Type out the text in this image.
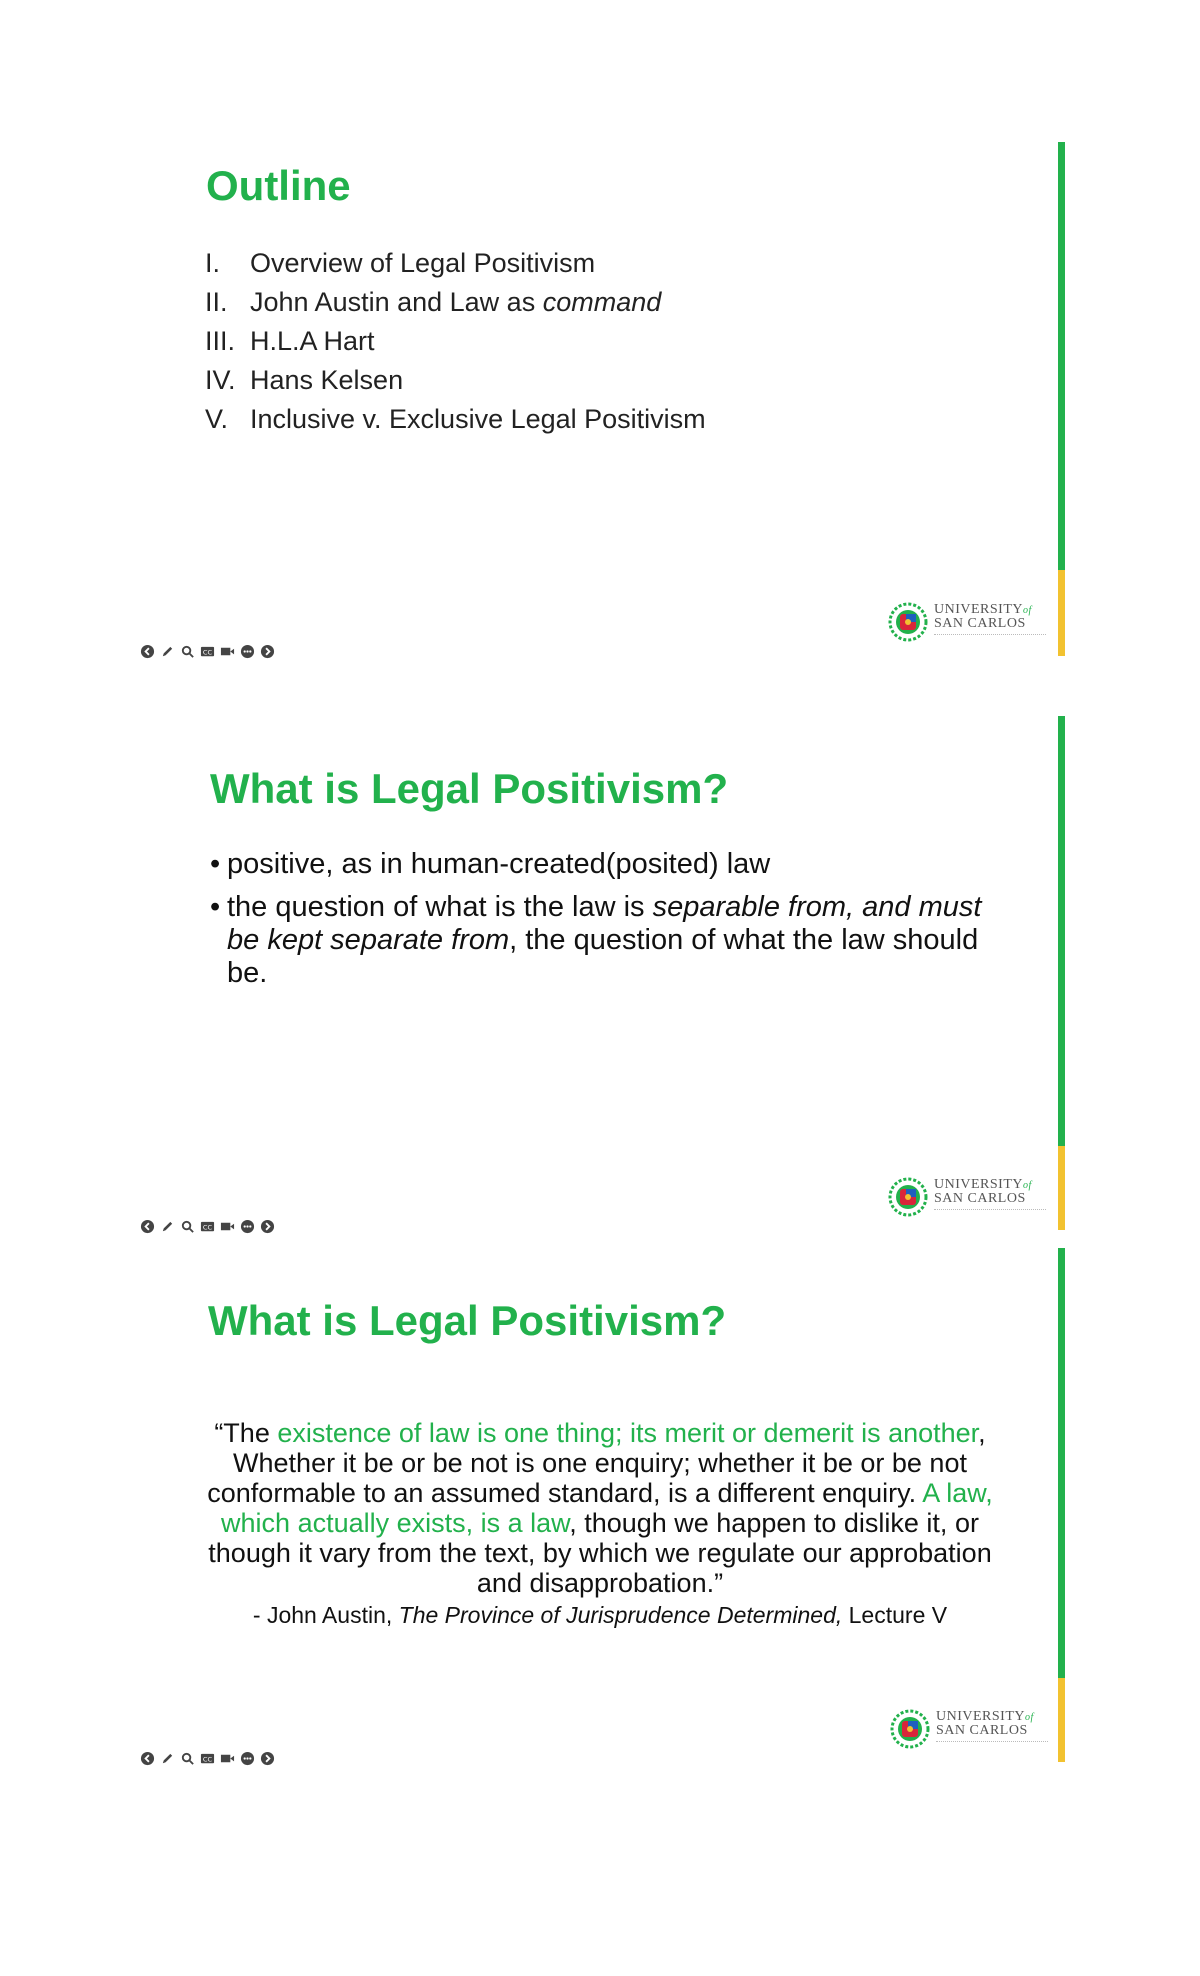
Outline
I.	Overview of Legal Positivism
II. John Austin and Law as command
III. H.L.A Hart
IV. Hans Kelsen
V. Inclusive v. Exclusive Legal Positivism
UNIVERSITYof
SAN CARLOS
CC
What is Legal Positivism?
• positive, as in human-created(posited) law
• the question of what is the law is separable from, and must be kept separate from, the question of what the law should be.
UNIVERSITYof
SAN CARLOS
CC
What is Legal Positivism?

“The existence of law is one thing; its merit or demerit is another, Whether it be or be not is one enquiry; whether it be or be not conformable to an assumed standard, is a different enquiry. A law, which actually exists, is a law, though we happen to dislike it, or though it vary from the text, by which we regulate our approbation and disapprobation.”

- John Austin, The Province of Jurisprudence Determined, Lecture V

UNIVERSITYof
SAN CARLOS
CC
